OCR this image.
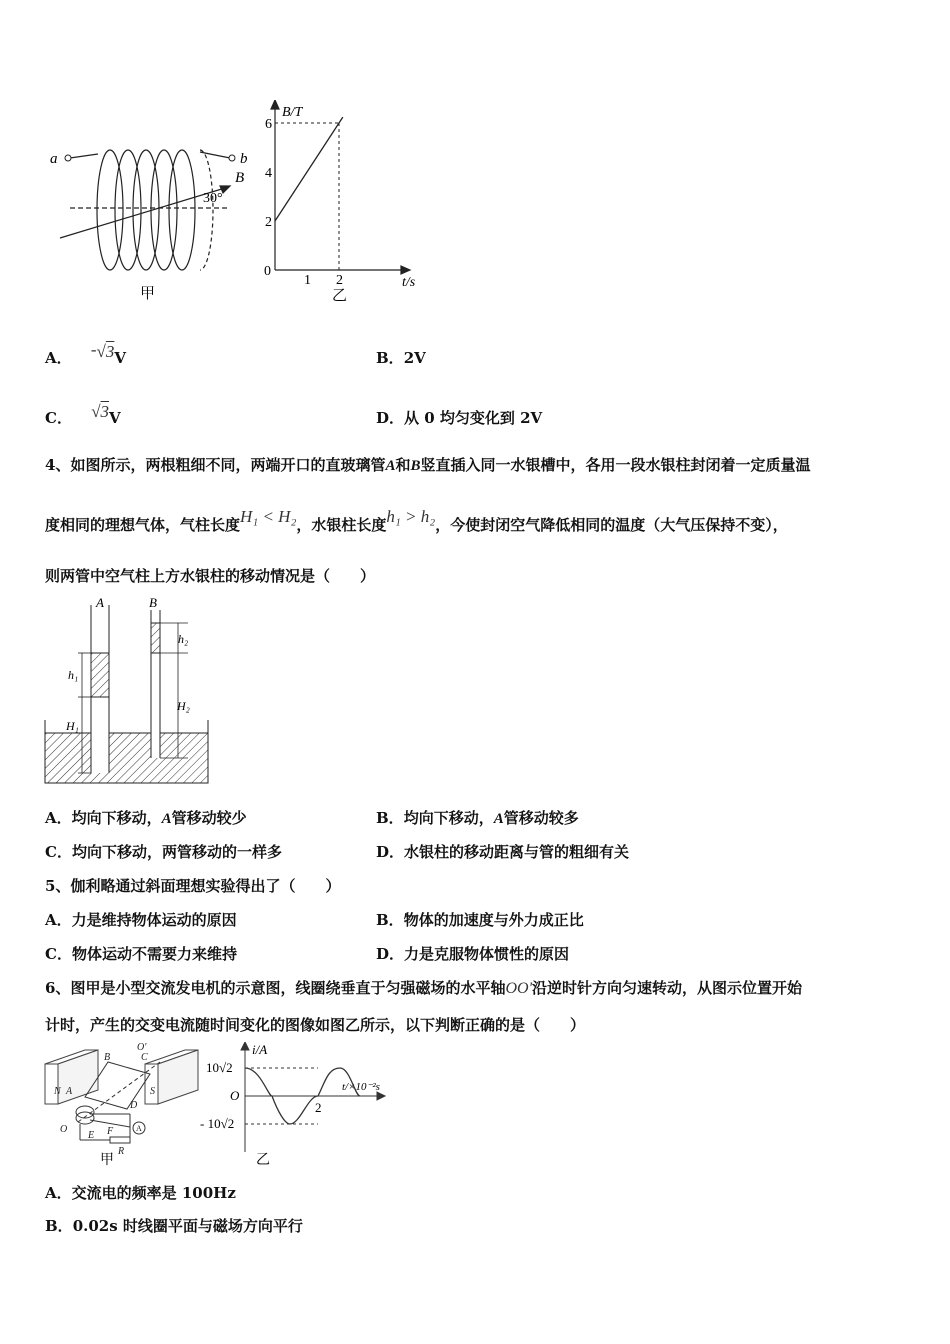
a	b
B
30°
甲
B/T
t/s
6
4
2
0
1 2
乙
A． -√3V	B．2V
C． √3V	D．从 0 均匀变化到 2V
4、如图所示，两根粗细不同，两端开口的直玻璃管A和B竖直插入同一水银槽中，各用一段水银柱封闭着一定质量温
度相同的理想气体，气柱长度H₁ < H₂，水银柱长度h₁ > h₂，今使封闭空气降低相同的温度（大气压保持不变），
则两管中空气柱上方水银柱的移动情况是（　　）
A	B
h₁
H₁
h₂
H₂
A．均向下移动，A管移动较少	B．均向下移动，A管移动较多
C．均向下移动，两管移动的一样多	D．水银柱的移动距离与管的粗细有关
5、伽利略通过斜面理想实验得出了（　　）
A．力是维持物体运动的原因	B．物体的加速度与外力成正比
C．物体运动不需要力来维持	D．力是克服物体惯性的原因
6、图甲是小型交流发电机的示意图，线圈绕垂直于匀强磁场的水平轴OO'沿逆时针方向匀速转动，从图示位置开始
计时，产生的交变电流随时间变化的图像如图乙所示，以下判断正确的是（　　）
N A
B	C
O'
D
S
F
E
R
O	A
甲
i/A
t/×10⁻²s
10√2
O
- 10√2
2
乙
A．交流电的频率是 100Hz
B．0.02s 时线圈平面与磁场方向平行
